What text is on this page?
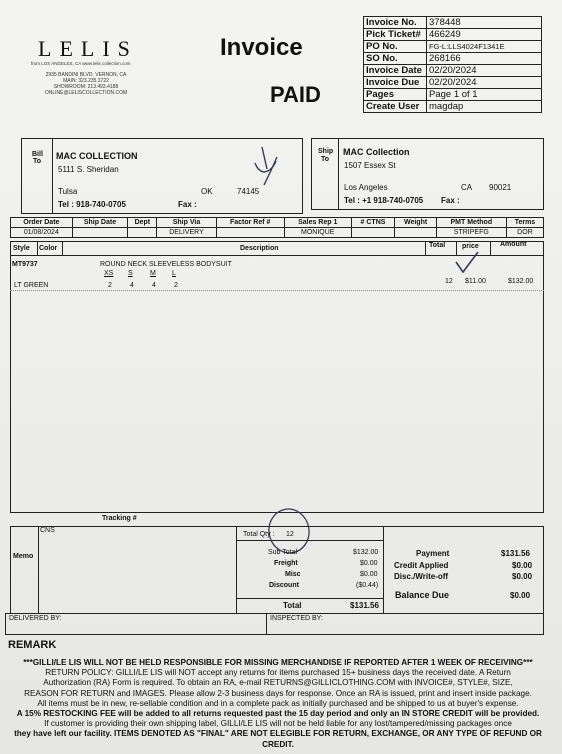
LELIS
from LOS ANGELES, CA www.lelis collection.com
2935 BANDINI BLVD. VERNON, CA
MAIN: 323.235.3722
SHOWROOM: 213.493.4188
ONLINE@LELISCOLLECTION.COM
Invoice
PAID
Invoice No.	378448
Pick Ticket#	466249
PO No.	FG-L:LLS4024F1341E
SO No.	268166
Invoice Date	02/20/2024
Invoice Due	02/20/2024
Pages	Page 1 of 1
Create User	magdap
Bill
To
MAC COLLECTION
5111 S. Sheridan
Tulsa	OK	74145
Tel : 918-740-0705	Fax :
Ship
To
MAC Collection
1507 Essex St
Los Angeles	CA 90021
Tel : +1 918-740-0705 Fax :
Order Date	Ship Date	Dept	Ship Via	Factor Ref #	Sales Rep 1	# CTNS	Weight	PMT Method	Terms
01/08/2024			DELIVERY		MONIQUE			STRIPEFG	DOR
Style Color	Description	Total price	Amount
MT9737	ROUND NECK SLEEVELESS BODYSUIT
LT GREEN
XS S M L
2	4	4	2
12 $11.00	$132.00
Tracking #
CNS
Memo
Total Qty : 12
Sub Total	$132.00
Freight	$0.00
Misc	$0.00
Discount	($0.44)
Total	$131.56
Payment	$131.56
Credit Applied	$0.00
Disc./Write-off	$0.00
Balance Due	$0.00
DELIVERED BY:	INSPECTED BY:
REMARK
***GILLI/LE LIS WILL NOT BE HELD RESPONSIBLE FOR MISSING MERCHANDISE IF REPORTED AFTER 1 WEEK OF RECEIVING***
RETURN POLICY: GILLI/LE LIS will NOT accept any returns for items purchased 15+ business days the received date. A Return
Authorization (RA) Form is required. To obtain an RA, e-mail RETURNS@GILLICLOTHING.COM with INVOICE#, STYLE#, SIZE,
REASON FOR RETURN and IMAGES. Please allow 2-3 business days for response. Once an RA is issued, print and insert inside package.
All items must be in new, re-sellable condition and in a complete pack as initially purchased and be shipped to us at buyer's expense.
A 15% RESTOCKING FEE will be added to all returns requested past the 15 day period and only an IN STORE CREDIT will be provided.
If customer is providing their own shipping label, GILLI/LE LIS will not be held liable for any lost/tampered/missing packages once
they have left our facility. ITEMS DENOTED AS "FINAL" ARE NOT ELEGIBLE FOR RETURN, EXCHANGE, OR ANY TYPE OF REFUND OR CREDIT.
